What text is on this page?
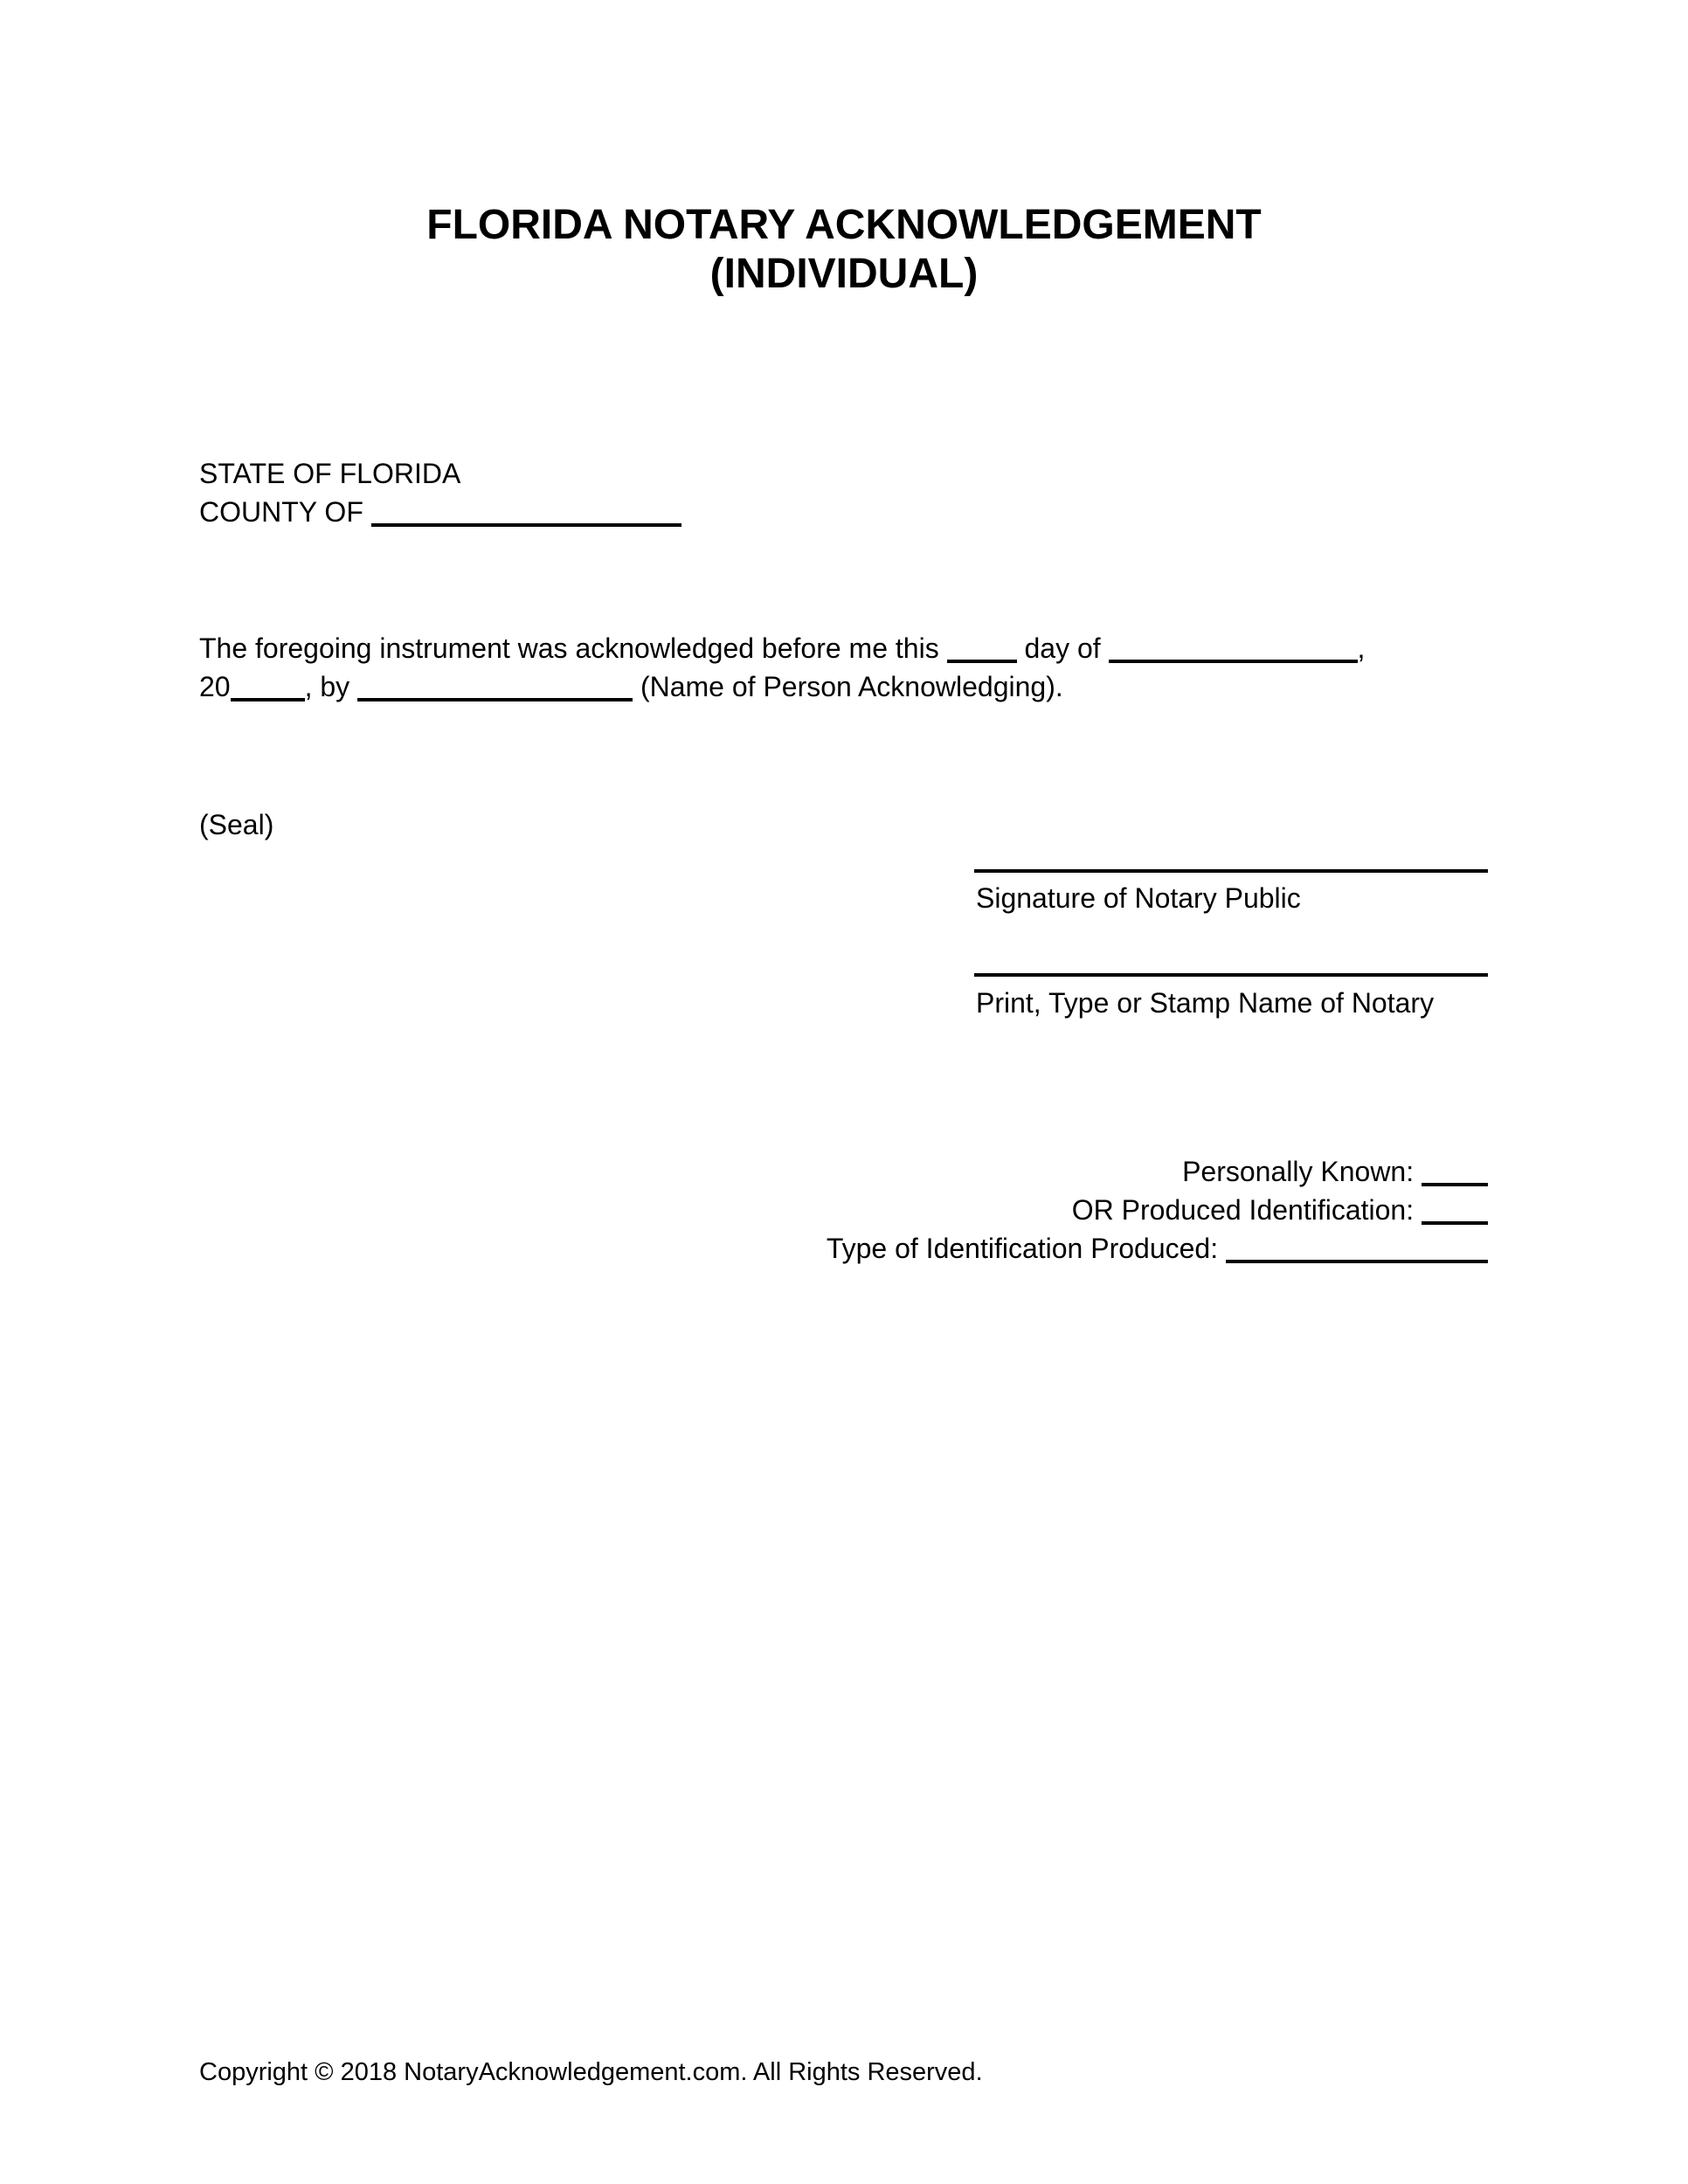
FLORIDA NOTARY ACKNOWLEDGEMENT
(INDIVIDUAL)
STATE OF FLORIDA
COUNTY OF
The foregoing instrument was acknowledged before me this	day of	,
20	, by	(Name of Person Acknowledging).
(Seal)
Signature of Notary Public
Print, Type or Stamp Name of Notary
Personally Known:
OR Produced Identification:
Type of Identification Produced:
Copyright © 2018 NotaryAcknowledgement.com. All Rights Reserved.
